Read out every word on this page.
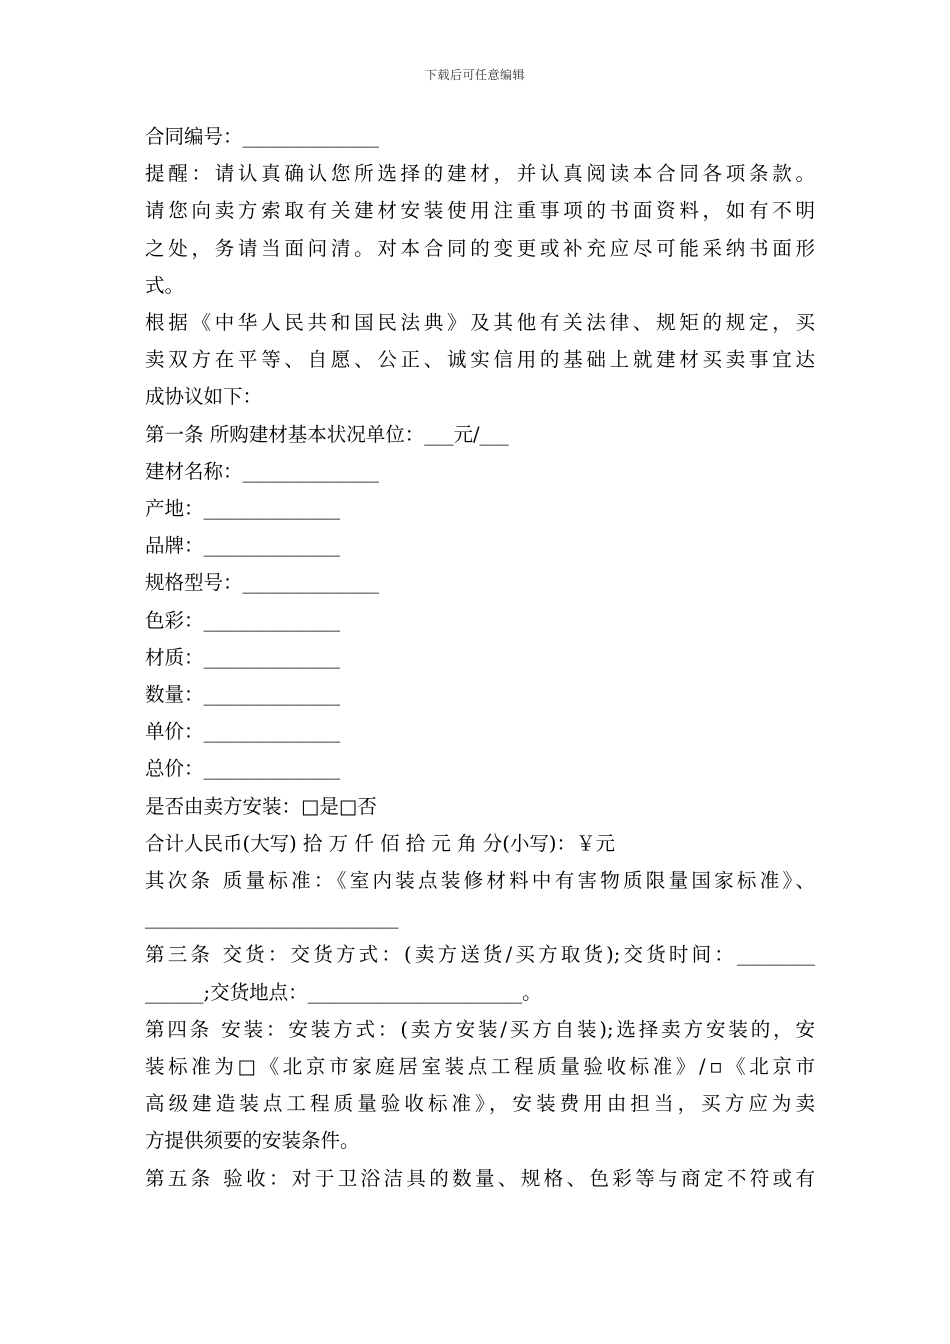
下载后可任意编辑

合同编号：______________

提醒：请认真确认您所选择的建材，并认真阅读本合同各项条款。

请您向卖方索取有关建材安装使用注重事项的书面资料，如有不明

之处，务请当面问清。对本合同的变更或补充应尽可能采纳书面形

式。

根据《中华人民共和国民法典》及其他有关法律、规矩的规定，买

卖双方在平等、自愿、公正、诚实信用的基础上就建材买卖事宜达

成协议如下：

第一条 所购建材基本状况单位：___元/___

建材名称：______________

产地：______________

品牌：______________

规格型号：______________

色彩：______________

材质：______________

数量：______________

单价：______________

总价：______________

是否由卖方安装：□是□否

合计人民币(大写) 拾 万 仟 佰 拾 元 角 分(小写)：￥元

其次条 质量标准：《室内装点装修材料中有害物质限量国家标准》、

__________________________

第三条 交货：交货方式：(卖方送货/买方取货);交货时间：________

______;交货地点：______________________。

第四条 安装：安装方式：(卖方安装/买方自装);选择卖方安装的，安

装标准为□《北京市家庭居室装点工程质量验收标准》/▫《北京市

高级建造装点工程质量验收标准》，安装费用由担当，买方应为卖

方提供须要的安装条件。

第五条 验收：对于卫浴洁具的数量、规格、色彩等与商定不符或有
